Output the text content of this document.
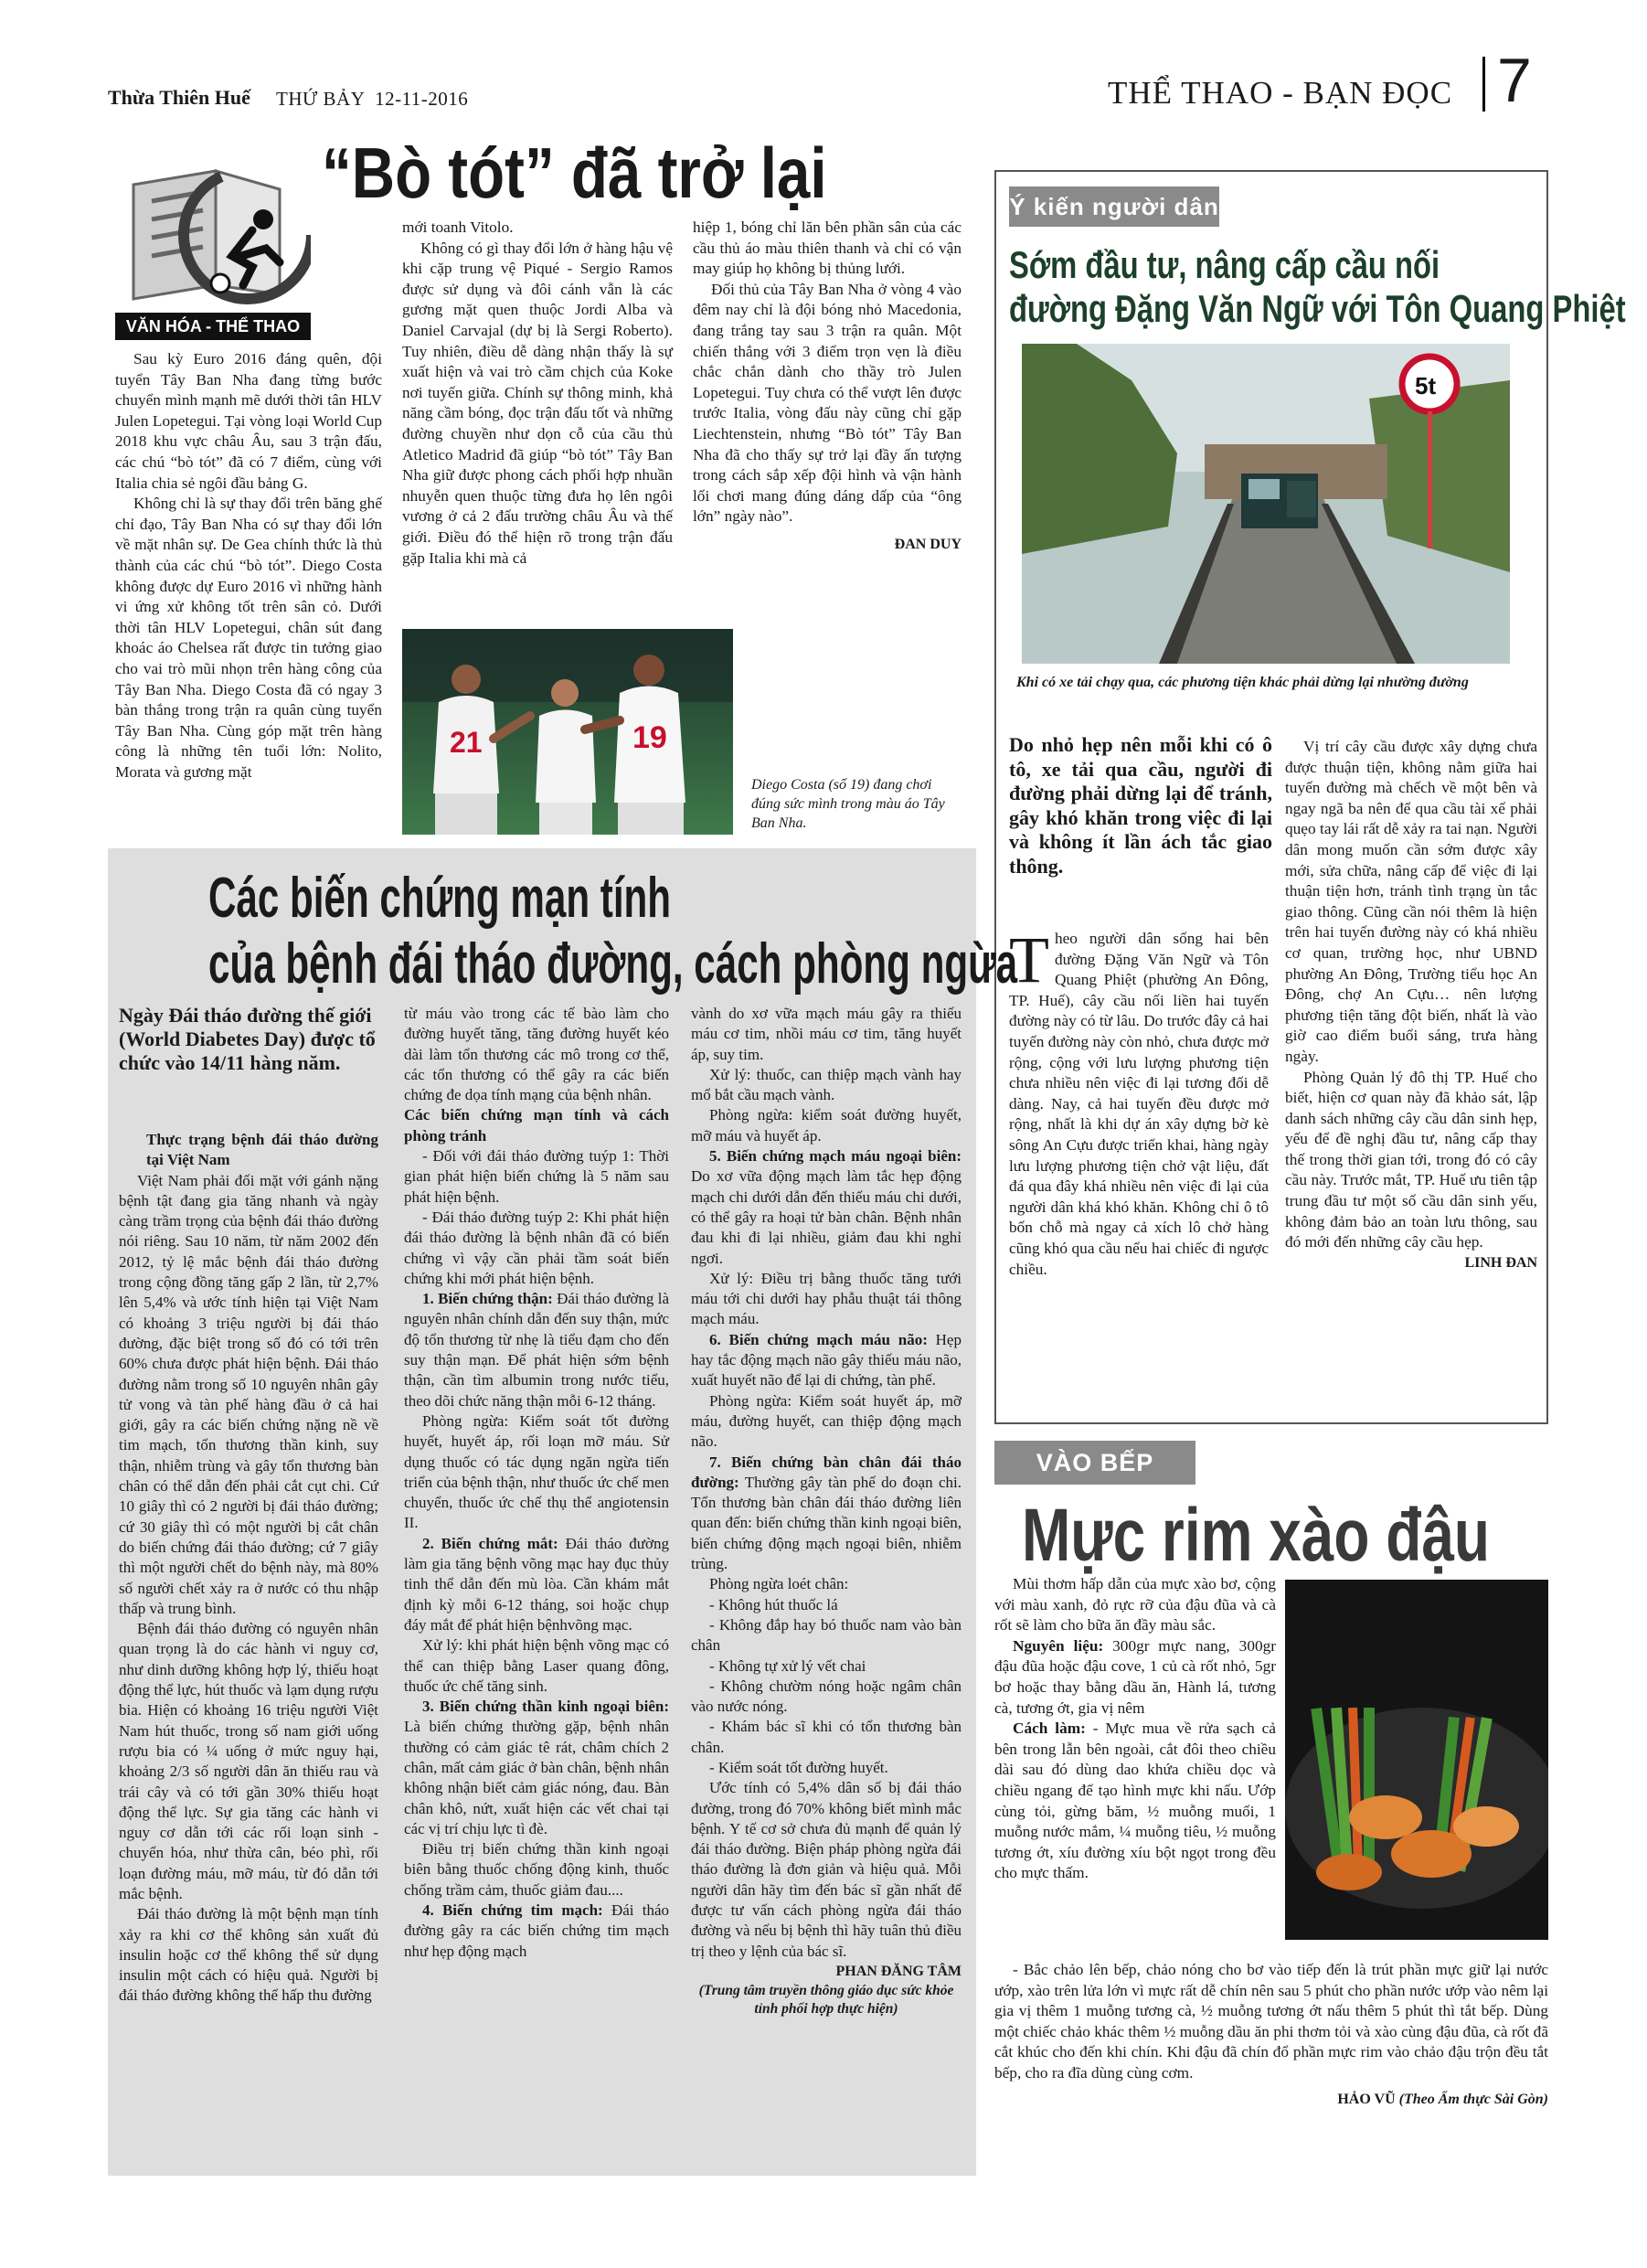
Thừa Thiên Huế THỨ BẢY  12-11-2016	THỂ THAO - BẠN ĐỌC 7
VĂN HÓA - THỂ THAO
“Bò tót” đã trở lại

Sau kỳ Euro 2016 đáng quên, đội tuyển Tây Ban Nha đang từng bước chuyển mình mạnh mẽ dưới thời tân HLV Julen Lopetegui. Tại vòng loại World Cup 2018 khu vực châu Âu, sau 3 trận đấu, các chú “bò tót” đã có 7 điểm, cùng với Italia chia sẻ ngôi đầu bảng G.

Không chỉ là sự thay đổi trên băng ghế chỉ đạo, Tây Ban Nha có sự thay đổi lớn về mặt nhân sự. De Gea chính thức là thủ thành của các chú “bò tót”. Diego Costa không được dự Euro 2016 vì những hành vi ứng xử không tốt trên sân cỏ. Dưới thời tân HLV Lopetegui, chân sút đang khoác áo Chelsea rất được tin tưởng giao cho vai trò mũi nhọn trên hàng công của Tây Ban Nha. Diego Costa đã có ngay 3 bàn thắng trong trận ra quân cùng tuyển Tây Ban Nha. Cùng góp mặt trên hàng công là những tên tuổi lớn: Nolito, Morata và gương mặt

mới toanh Vitolo.

Không có gì thay đổi lớn ở hàng hậu vệ khi cặp trung vệ Piqué - Sergio Ramos được sử dụng và đôi cánh vẫn là các gương mặt quen thuộc Jordi Alba và Daniel Carvajal (dự bị là Sergi Roberto). Tuy nhiên, điều dễ dàng nhận thấy là sự xuất hiện và vai trò cầm chịch của Koke nơi tuyến giữa. Chính sự thông minh, khả năng cầm bóng, đọc trận đấu tốt và những đường chuyền như dọn cỗ của cầu thủ Atletico Madrid đã giúp “bò tót” Tây Ban Nha giữ được phong cách phối hợp nhuần nhuyễn quen thuộc từng đưa họ lên ngôi vương ở cả 2 đấu trường châu Âu và thế giới. Điều đó thể hiện rõ trong trận đấu gặp Italia khi mà cả

hiệp 1, bóng chỉ lăn bên phần sân của các cầu thủ áo màu thiên thanh và chỉ có vận may giúp họ không bị thủng lưới.

Đối thủ của Tây Ban Nha ở vòng 4 vào đêm nay chỉ là đội bóng nhỏ Macedonia, đang trắng tay sau 3 trận ra quân. Một chiến thắng với 3 điểm trọn vẹn là điều chắc chắn dành cho thầy trò Julen Lopetegui. Tuy chưa có thể vượt lên được trước Italia, vòng đấu này cũng chỉ gặp Liechtenstein, nhưng “Bò tót” Tây Ban Nha đã cho thấy sự trở lại đầy ấn tượng trong cách sắp xếp đội hình và vận hành lối chơi mang đúng dáng dấp của “ông lớn” ngày nào”.

ĐAN DUY

21	19
Diego Costa (số 19) đang chơi đúng sức mình trong màu áo Tây Ban Nha.
Ý kiến người dân
Sớm đầu tư, nâng cấp cầu nối
đường Đặng Văn Ngữ với Tôn Quang Phiệt
5t
Khi có xe tải chạy qua, các phương tiện khác phải dừng lại nhường đường
Do nhỏ hẹp nên mỗi khi có ô tô, xe tải qua cầu, người đi đường phải dừng lại để tránh, gây khó khăn trong việc đi lại và không ít lần ách tắc giao thông.

Theo người dân sống hai bên đường Đặng Văn Ngữ và Tôn Quang Phiệt (phường An Đông, TP. Huế), cây cầu nối liền hai tuyến đường này có từ lâu. Do trước đây cả hai tuyến đường này còn nhỏ, chưa được mở rộng, cộng với lưu lượng phương tiện chưa nhiều nên việc đi lại tương đối dễ dàng. Nay, cả hai tuyến đều được mở rộng, nhất là khi dự án xây dựng bờ kè sông An Cựu được triển khai, hàng ngày lưu lượng phương tiện chở vật liệu, đất đá qua đây khá nhiều nên việc đi lại của người dân khá khó khăn. Không chỉ ô tô bốn chỗ mà ngay cả xích lô chở hàng cũng khó qua cầu nếu hai chiếc đi ngược chiều.

Vị trí cây cầu được xây dựng chưa được thuận tiện, không nằm giữa hai tuyến đường mà chếch về một bên và ngay ngã ba nên để qua cầu tài xế phải quẹo tay lái rất dễ xảy ra tai nạn. Người dân mong muốn cần sớm được xây mới, sửa chữa, nâng cấp để việc đi lại thuận tiện hơn, tránh tình trạng ùn tắc giao thông. Cũng cần nói thêm là hiện trên hai tuyến đường này có khá nhiều cơ quan, trường học, như UBND phường An Đông, Trường tiểu học An Đông, chợ An Cựu… nên lượng phương tiện tăng đột biến, nhất là vào giờ cao điểm buổi sáng, trưa hàng ngày.

Phòng Quản lý đô thị TP. Huế cho biết, hiện cơ quan này đã khảo sát, lập danh sách những cây cầu dân sinh hẹp, yếu để đề nghị đầu tư, nâng cấp thay thế trong thời gian tới, trong đó có cây cầu này. Trước mắt, TP. Huế ưu tiên tập trung đầu tư một số cầu dân sinh yếu, không đảm bảo an toàn lưu thông, sau đó mới đến những cây cầu hẹp.

LINH ĐAN

Các biến chứng mạn tính
của bệnh đái tháo đường, cách phòng ngừa
Ngày Đái tháo đường thế giới (World Diabetes Day) được tổ chức vào 14/11 hàng năm.

Thực trạng bệnh đái tháo đường tại Việt Nam

Việt Nam phải đối mặt với gánh nặng bệnh tật đang gia tăng nhanh và ngày càng trầm trọng của bệnh đái tháo đường nói riêng. Sau 10 năm, từ năm 2002 đến 2012, tỷ lệ mắc bệnh đái tháo đường trong cộng đồng tăng gấp 2 lần, từ 2,7% lên 5,4% và ước tính hiện tại Việt Nam có khoảng 3 triệu người bị đái tháo đường, đặc biệt trong số đó có tới trên 60% chưa được phát hiện bệnh. Đái tháo đường nằm trong số 10 nguyên nhân gây tử vong và tàn phế hàng đầu ở cả hai giới, gây ra các biến chứng nặng nề về tim mạch, tổn thương thần kinh, suy thận, nhiễm trùng và gây tổn thương bàn chân có thể dẫn đến phải cắt cụt chi. Cứ 10 giây thì có 2 người bị đái tháo đường; cứ 30 giây thì có một người bị cắt chân do biến chứng đái tháo đường; cứ 7 giây thì một người chết do bệnh này, mà 80% số người chết xảy ra ở nước có thu nhập thấp và trung bình.

Bệnh đái tháo đường có nguyên nhân quan trọng là do các hành vi nguy cơ, như dinh dưỡng không hợp lý, thiếu hoạt động thể lực, hút thuốc và lạm dụng rượu bia. Hiện có khoảng 16 triệu người Việt Nam hút thuốc, trong số nam giới uống rượu bia có ¼ uống ở mức nguy hại, khoảng 2/3 số người dân ăn thiếu rau và trái cây và có tới gần 30% thiếu hoạt động thể lực. Sự gia tăng các hành vi nguy cơ dẫn tới các rối loạn sinh - chuyển hóa, như thừa cân, béo phì, rối loạn đường máu, mỡ máu, từ đó dẫn tới mắc bệnh.

Đái tháo đường là một bệnh mạn tính xảy ra khi cơ thể không sản xuất đủ insulin hoặc cơ thể không thể sử dụng insulin một cách có hiệu quả. Người bị đái tháo đường không thể hấp thu đường

từ máu vào trong các tế bào làm cho đường huyết tăng, tăng đường huyết kéo dài làm tổn thương các mô trong cơ thể, các tổn thương có thể gây ra các biến chứng đe dọa tính mạng của bệnh nhân.

Các biến chứng mạn tính và cách phòng tránh

- Đối với đái tháo đường tuýp 1: Thời gian phát hiện biến chứng là 5 năm sau phát hiện bệnh.

- Đái tháo đường tuýp 2: Khi phát hiện đái tháo đường là bệnh nhân đã có biến chứng vì vậy cần phải tầm soát biến chứng khi mới phát hiện bệnh.

1. Biến chứng thận: Đái tháo đường là nguyên nhân chính dẫn đến suy thận, mức độ tổn thương từ nhẹ là tiểu đạm cho đến suy thận mạn. Để phát hiện sớm bệnh thận, cần tìm albumin trong nước tiểu, theo dõi chức năng thận mỗi 6-12 tháng.

Phòng ngừa: Kiểm soát tốt đường huyết, huyết áp, rối loạn mỡ máu. Sử dụng thuốc có tác dụng ngăn ngừa tiến triển của bệnh thận, như thuốc ức chế men chuyển, thuốc ức chế thụ thể angiotensin II.

2. Biến chứng mắt: Đái tháo đường làm gia tăng bệnh võng mạc hay đục thủy tinh thể dẫn đến mù lòa. Cần khám mắt định kỳ mỗi 6-12 tháng, soi hoặc chụp đáy mắt để phát hiện bệnhvõng mạc.

Xử lý: khi phát hiện bệnh võng mạc có thể can thiệp bằng Laser quang đông, thuốc ức chế tăng sinh.

3. Biến chứng thần kinh ngoại biên: Là biến chứng thường gặp, bệnh nhân thường có cảm giác tê rát, châm chích 2 chân, mất cảm giác ở bàn chân, bệnh nhân không nhận biết cảm giác nóng, đau. Bàn chân khô, nứt, xuất hiện các vết chai tại các vị trí chịu lực tì đè.

Điều trị biến chứng thần kinh ngoại biên bằng thuốc chống động kinh, thuốc chống trầm cảm, thuốc giảm đau....

4. Biến chứng tim mạch: Đái tháo đường gây ra các biến chứng tim mạch như hẹp động mạch

vành do xơ vữa mạch máu gây ra thiếu máu cơ tim, nhồi máu cơ tim, tăng huyết áp, suy tim.

Xử lý: thuốc, can thiệp mạch vành hay mổ bắt cầu mạch vành.

Phòng ngừa: kiểm soát đường huyết, mỡ máu và huyết áp.

5. Biến chứng mạch máu ngoại biên: Do xơ vữa động mạch làm tắc hẹp động mạch chi dưới dẫn đến thiếu máu chi dưới, có thể gây ra hoại tử bàn chân. Bệnh nhân đau khi đi lại nhiều, giảm đau khi nghỉ ngơi.

Xử lý: Điều trị bằng thuốc tăng tưới máu tới chi dưới hay phẫu thuật tái thông mạch máu.

6. Biến chứng mạch máu não: Hẹp hay tắc động mạch não gây thiếu máu não, xuất huyết não để lại di chứng, tàn phế.

Phòng ngừa: Kiểm soát huyết áp, mỡ máu, đường huyết, can thiệp động mạch não.

7. Biến chứng bàn chân đái tháo đường: Thường gây tàn phế do đoạn chi. Tổn thương bàn chân đái tháo đường liên quan đến: biến chứng thần kinh ngoại biên, biến chứng động mạch ngoại biên, nhiễm trùng.

Phòng ngừa loét chân:

- Không hút thuốc lá

- Không đắp hay bó thuốc nam vào bàn chân

- Không tự xử lý vết chai

- Không chườm nóng hoặc ngâm chân vào nước nóng.

- Khám bác sĩ khi có tổn thương bàn chân.

- Kiểm soát tốt đường huyết.

Ước tính có 5,4% dân số bị đái tháo đường, trong đó 70% không biết mình mắc bệnh. Y tế cơ sở chưa đủ mạnh để quản lý đái tháo đường. Biện pháp phòng ngừa đái tháo đường là đơn giản và hiệu quả. Mỗi người dân hãy tìm đến bác sĩ gần nhất để được tư vấn cách phòng ngừa đái tháo đường và nếu bị bệnh thì hãy tuân thủ điều trị theo y lệnh của bác sĩ.

PHAN ĐĂNG TÂM

(Trung tâm truyền thông giáo dục sức khỏe tỉnh phối hợp thực hiện)

VÀO BẾP
Mực rim xào đậu

Mùi thơm hấp dẫn của mực xào bơ, cộng với màu xanh, đỏ rực rỡ của đậu đũa và cà rốt sẽ làm cho bữa ăn đầy màu sắc.

Nguyên liệu: 300gr mực nang, 300gr đậu đũa hoặc đậu cove, 1 củ cà rốt nhỏ, 5gr bơ hoặc thay bằng dầu ăn, Hành lá, tương cà, tương ớt, gia vị nêm

Cách làm: - Mực mua về rửa sạch cả bên trong lẫn bên ngoài, cắt đôi theo chiều dài sau đó dùng dao khứa chiều dọc và chiều ngang để tạo hình mực khi nấu. Ướp cùng tỏi, gừng băm, ½ muỗng muối, 1 muỗng nước mắm, ¼ muỗng tiêu, ½ muỗng tương ớt, xíu đường xíu bột ngọt trong đều cho mực thấm.

- Bắc chảo lên bếp, chảo nóng cho bơ vào tiếp đến là trút phần mực giữ lại nước ướp, xào trên lửa lớn vì mực rất dễ chín nên sau 5 phút cho phần nước ướp vào nêm lại gia vị thêm 1 muỗng tương cà, ½ muỗng tương ớt nấu thêm 5 phút thì tắt bếp. Dùng một chiếc chảo khác thêm ½ muỗng dầu ăn phi thơm tỏi và xào cùng đậu đũa, cà rốt đã cắt khúc cho đến khi chín. Khi đậu đã chín đổ phần mực rim vào chảo đậu trộn đều tắt bếp, cho ra đĩa dùng cùng cơm.

HẢO VŨ (Theo Ẩm thực Sài Gòn)
